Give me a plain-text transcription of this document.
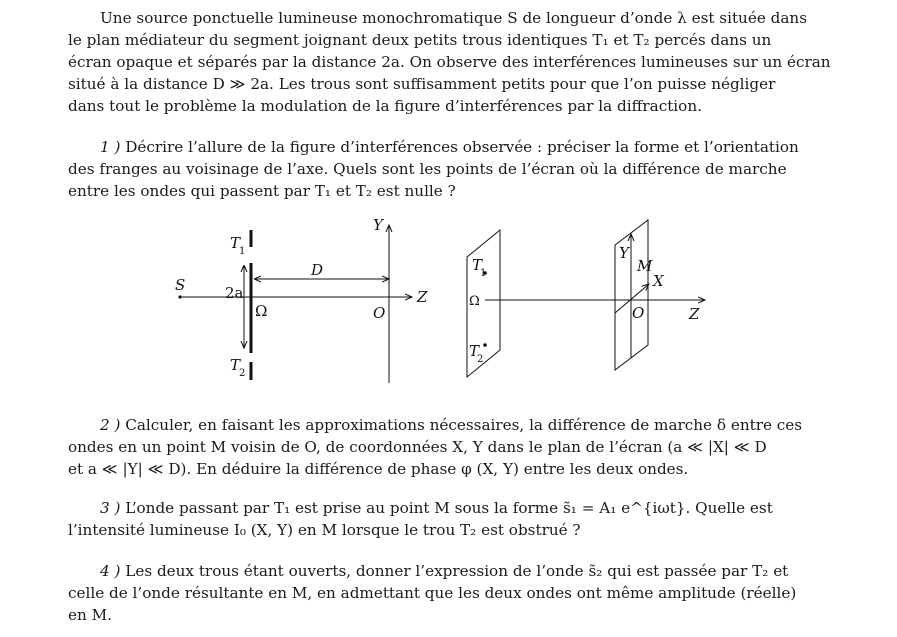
Une source ponctuelle lumineuse monochromatique S de longueur d’onde λ est située dans
le plan médiateur du segment joignant deux petits trous identiques T₁ et T₂ percés dans un
écran opaque et séparés par la distance 2a. On observe des interférences lumineuses sur un écran
situé à la distance D ≫ 2a. Les trous sont suffisamment petits pour que l’on puisse négliger
dans tout le problème la modulation de la figure d’interférences par la diffraction.
1 ) Décrire l’allure de la figure d’interférences observée : préciser la forme et l’orientation
des franges au voisinage de l’axe. Quels sont les points de l’écran où la différence de marche
entre les ondes qui passent par T₁ et T₂ est nulle ?
S
T
1
T
2
2a
D
Ω	O
Y
Z
T
1
Ω
T
2
Y
M
X
O	Z
2 ) Calculer, en faisant les approximations nécessaires, la différence de marche δ entre ces
ondes en un point M voisin de O, de coordonnées X, Y dans le plan de l’écran (a ≪ |X| ≪ D
et a ≪ |Y| ≪ D). En déduire la différence de phase φ (X, Y) entre les deux ondes.
3 ) L’onde passant par T₁ est prise au point M sous la forme s̃₁ = A₁ e^{iωt}. Quelle est
l’intensité lumineuse I₀ (X, Y) en M lorsque le trou T₂ est obstrué ?
4 ) Les deux trous étant ouverts, donner l’expression de l’onde s̃₂ qui est passée par T₂ et
celle de l’onde résultante en M, en admettant que les deux ondes ont même amplitude (réelle)
en M.
